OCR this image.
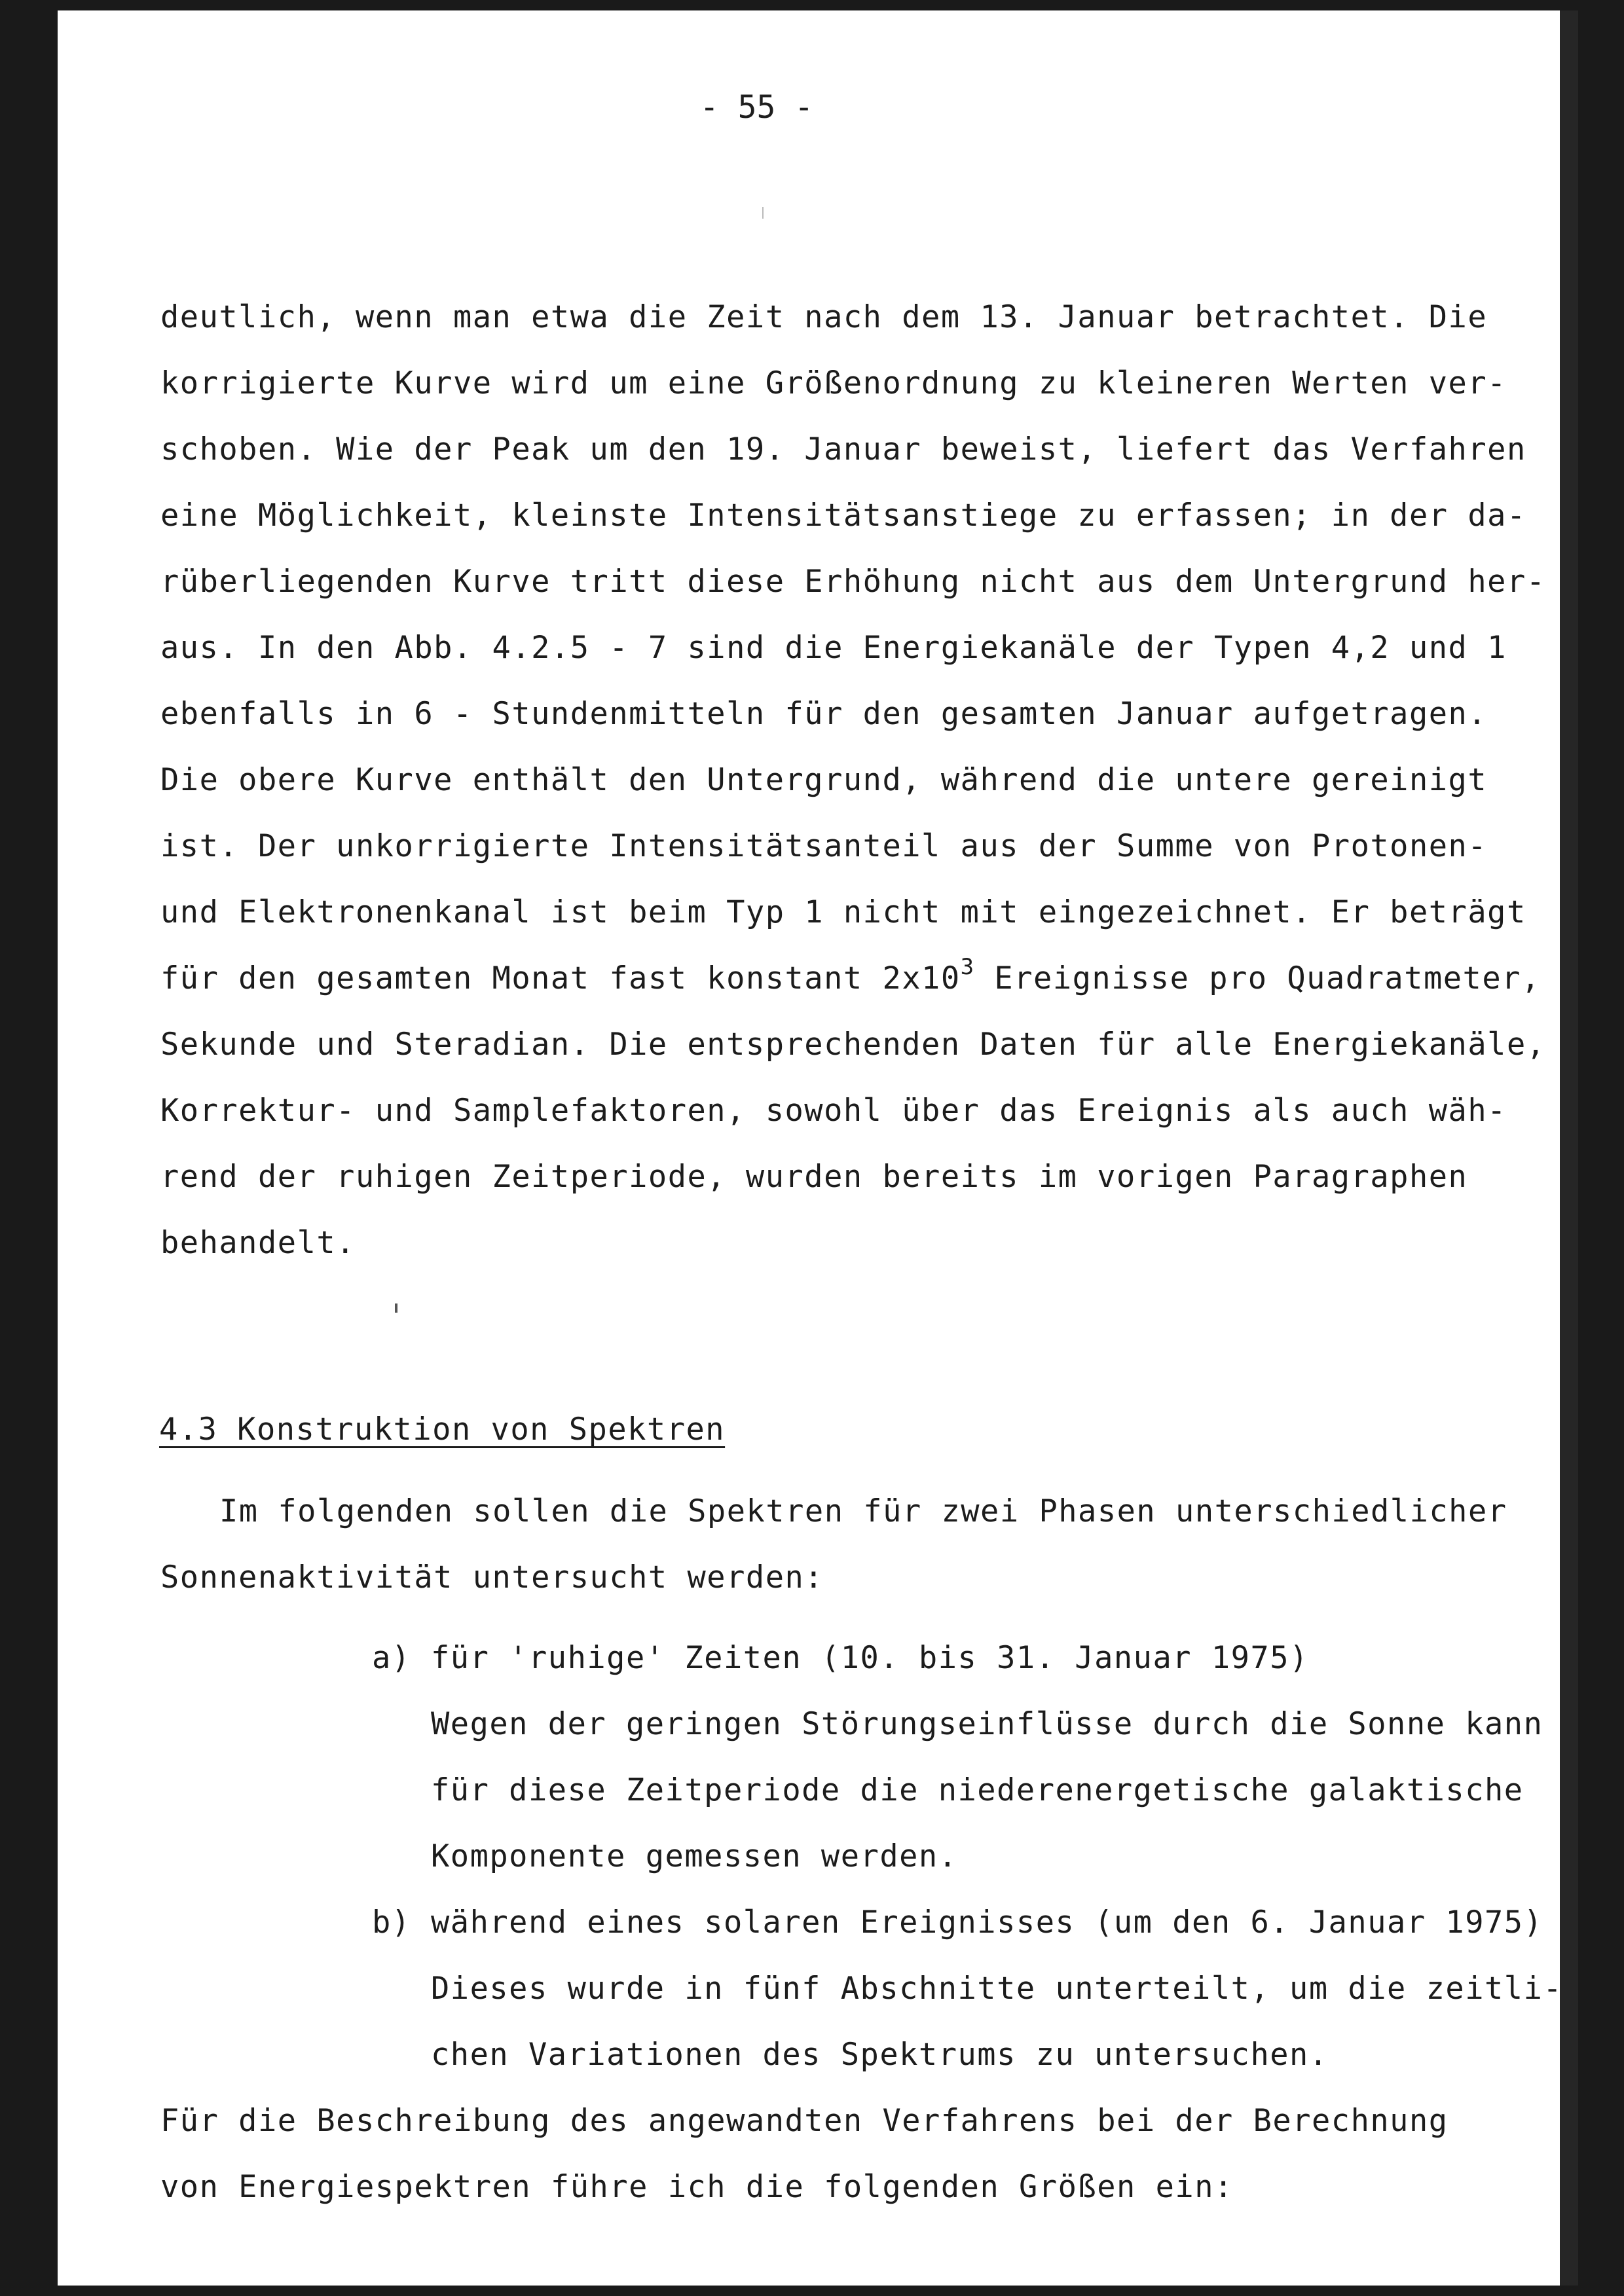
- 55 -
deutlich, wenn man etwa die Zeit nach dem 13. Januar betrachtet. Die
korrigierte Kurve wird um eine Größenordnung zu kleineren Werten ver-
schoben. Wie der Peak um den 19. Januar beweist, liefert das Verfahren
eine Möglichkeit, kleinste Intensitätsanstiege zu erfassen; in der da-
rüberliegenden Kurve tritt diese Erhöhung nicht aus dem Untergrund her-
aus. In den Abb. 4.2.5 - 7 sind die Energiekanäle der Typen 4,2 und 1
ebenfalls in 6 - Stundenmitteln für den gesamten Januar aufgetragen.
Die obere Kurve enthält den Untergrund, während die untere gereinigt
ist. Der unkorrigierte Intensitätsanteil aus der Summe von Protonen-
und Elektronenkanal ist beim Typ 1 nicht mit eingezeichnet. Er beträgt
für den gesamten Monat fast konstant $2x10^3$ Ereignisse pro Quadratmeter,
Sekunde und Steradian. Die entsprechenden Daten für alle Energiekanäle,
Korrektur- und Samplefaktoren, sowohl über das Ereignis als auch wäh-
rend der ruhigen Zeitperiode, wurden bereits im vorigen Paragraphen
behandelt.
4.3 Konstruktion von Spektren
Im folgenden sollen die Spektren für zwei Phasen unterschiedlicher
Sonnenaktivität untersucht werden:
a) für 'ruhige' Zeiten (10. bis 31. Januar 1975)
Wegen der geringen Störungseinflüsse durch die Sonne kann
für diese Zeitperiode die niederenergetische galaktische
Komponente gemessen werden.
b) während eines solaren Ereignisses (um den 6. Januar 1975)
Dieses wurde in fünf Abschnitte unterteilt, um die zeitli-
chen Variationen des Spektrums zu untersuchen.
Für die Beschreibung des angewandten Verfahrens bei der Berechnung
von Energiespektren führe ich die folgenden Größen ein:
